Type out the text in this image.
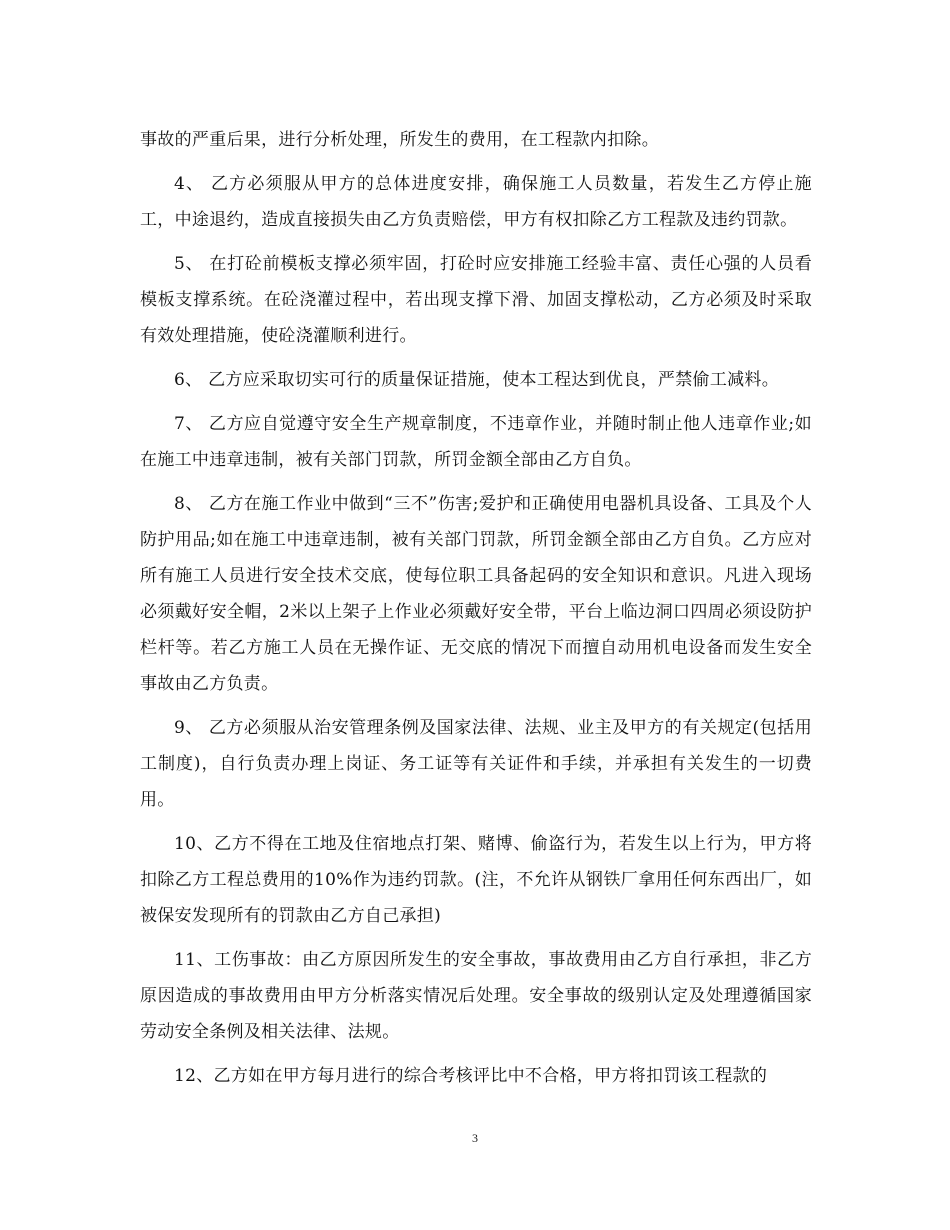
事故的严重后果，进行分析处理，所发生的费用，在工程款内扣除。

4、 乙方必须服从甲方的总体进度安排，确保施工人员数量，若发生乙方停止施工，中途退约，造成直接损失由乙方负责赔偿，甲方有权扣除乙方工程款及违约罚款。

5、 在打砼前模板支撑必须牢固，打砼时应安排施工经验丰富、责任心强的人员看模板支撑系统。在砼浇灌过程中，若出现支撑下滑、加固支撑松动，乙方必须及时采取有效处理措施，使砼浇灌顺利进行。

6、 乙方应采取切实可行的质量保证措施，使本工程达到优良，严禁偷工减料。

7、 乙方应自觉遵守安全生产规章制度，不违章作业，并随时制止他人违章作业;如在施工中违章违制，被有关部门罚款，所罚金额全部由乙方自负。

8、 乙方在施工作业中做到“三不”伤害;爱护和正确使用电器机具设备、工具及个人防护用品;如在施工中违章违制，被有关部门罚款，所罚金额全部由乙方自负。乙方应对所有施工人员进行安全技术交底，使每位职工具备起码的安全知识和意识。凡进入现场必须戴好安全帽，2米以上架子上作业必须戴好安全带，平台上临边洞口四周必须设防护栏杆等。若乙方施工人员在无操作证、无交底的情况下而擅自动用机电设备而发生安全事故由乙方负责。

9、 乙方必须服从治安管理条例及国家法律、法规、业主及甲方的有关规定(包括用工制度)，自行负责办理上岗证、务工证等有关证件和手续，并承担有关发生的一切费用。

10、乙方不得在工地及住宿地点打架、赌博、偷盗行为，若发生以上行为，甲方将扣除乙方工程总费用的10%作为违约罚款。(注，不允许从钢铁厂拿用任何东西出厂，如被保安发现所有的罚款由乙方自己承担)

11、工伤事故：由乙方原因所发生的安全事故，事故费用由乙方自行承担，非乙方原因造成的事故费用由甲方分析落实情况后处理。安全事故的级别认定及处理遵循国家劳动安全条例及相关法律、法规。

12、乙方如在甲方每月进行的综合考核评比中不合格，甲方将扣罚该工程款的

3
